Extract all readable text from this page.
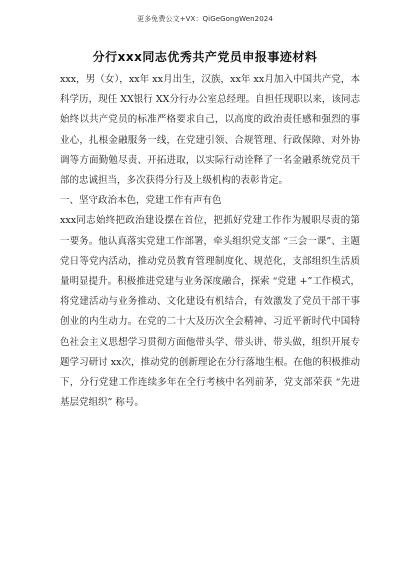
更多免费公文+VX：QiGeGongWen2024
分行xxx同志优秀共产党员申报事迹材料

xxx，男（女），xx年 xx月出生，汉族，xx年 xx月加入中国共产党，本科学历，现任 XX银行 XX分行办公室总经理。自担任现职以来，该同志始终以共产党员的标准严格要求自己，以高度的政治责任感和强烈的事业心，扎根金融服务一线，在党建引领、合规管理、行政保障、对外协调等方面勤勉尽责、开拓进取，以实际行动诠释了一名金融系统党员干部的忠诚担当，多次获得分行及上级机构的表彰肯定。

一、坚守政治本色，党建工作有声有色

xxx同志始终把政治建设摆在首位，把抓好党建工作作为履职尽责的第一要务。他认真落实党建工作部署，牵头组织党支部 “三会一课”、主题党日等党内活动，推动党员教育管理制度化、规范化，支部组织生活质量明显提升。积极推进党建与业务深度融合，探索 “党建 +”工作模式，将党建活动与业务推动、文化建设有机结合，有效激发了党员干部干事创业的内生动力。在党的二十大及历次全会精神、习近平新时代中国特色社会主义思想学习贯彻方面他带头学、带头讲、带头做，组织开展专题学习研讨 xx次，推动党的创新理论在分行落地生根。在他的积极推动下，分行党建工作连续多年在全行考核中名列前茅，党支部荣获 “先进基层党组织” 称号。
